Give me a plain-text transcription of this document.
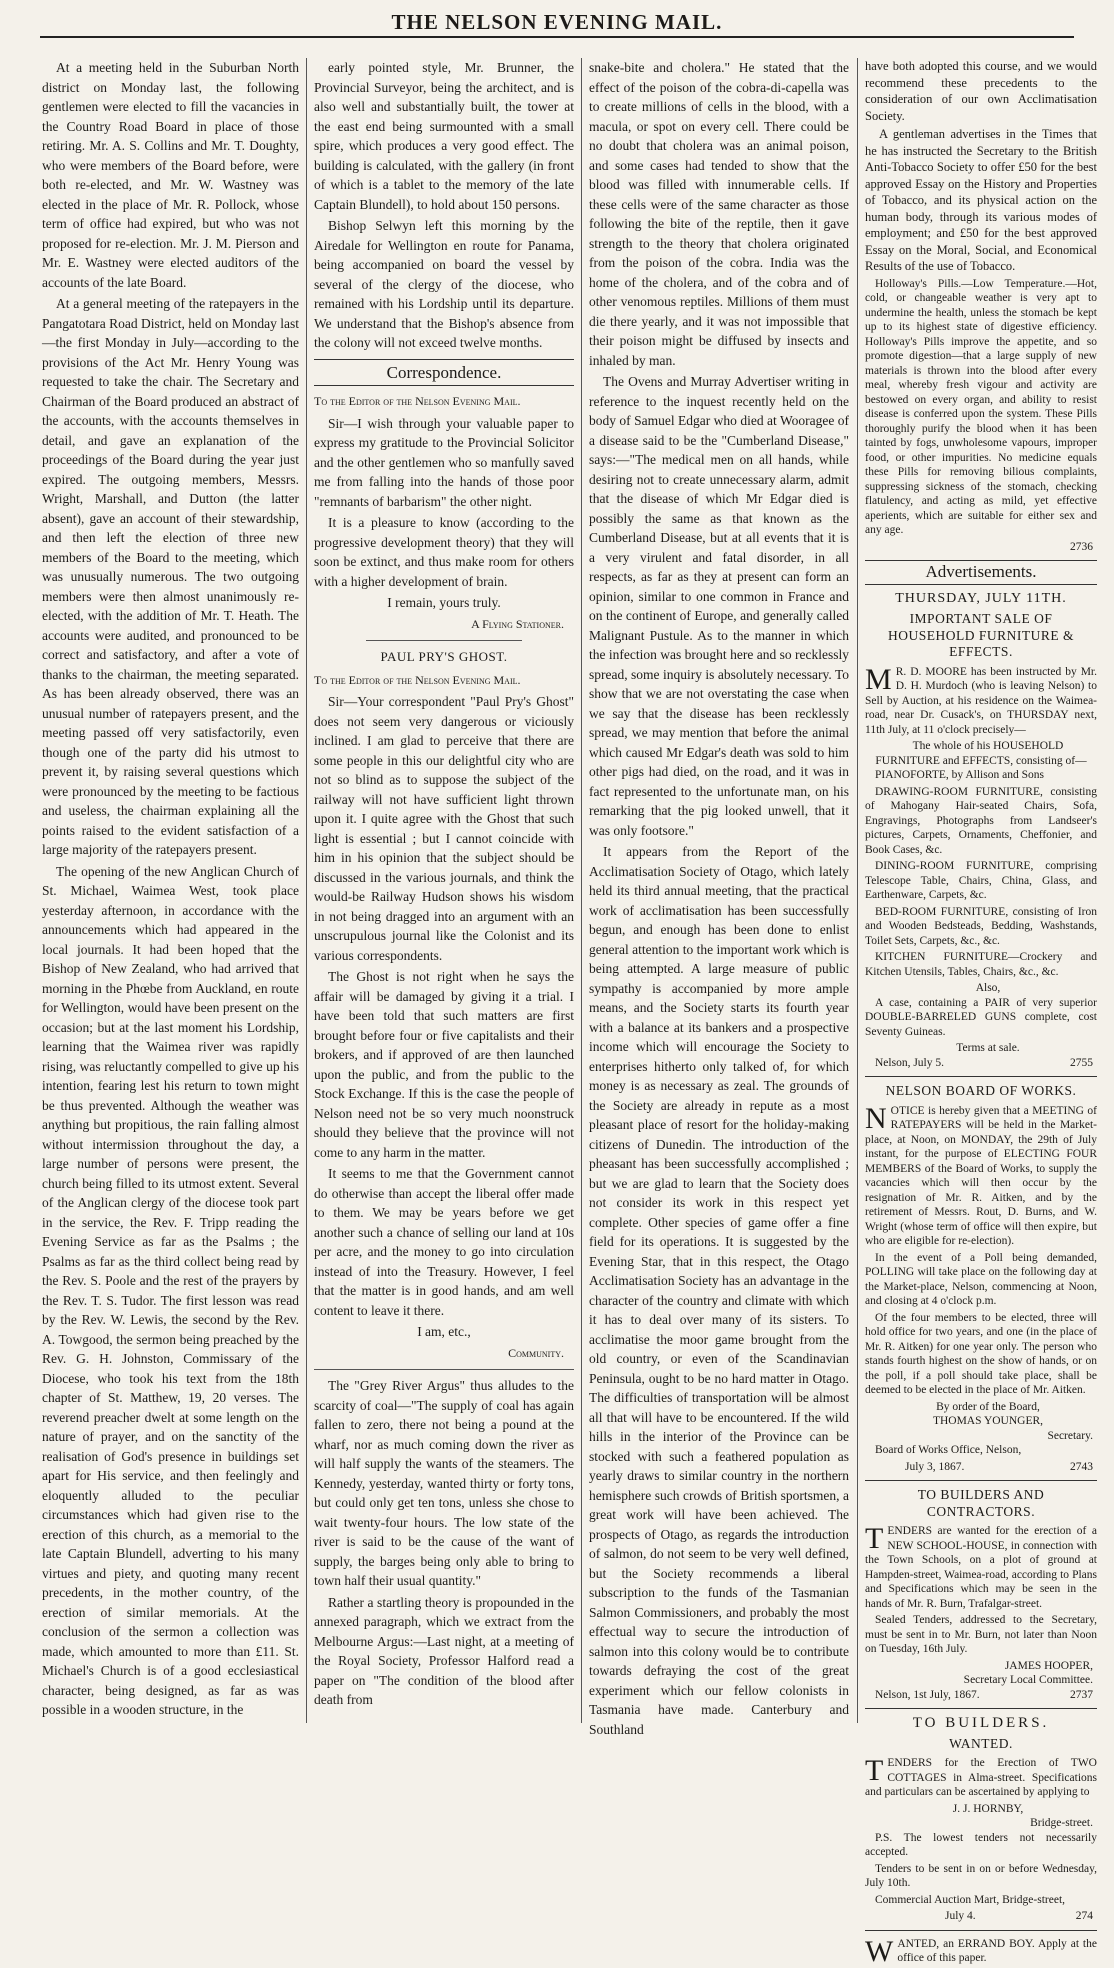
THE NELSON EVENING MAIL.

At a meeting held in the Suburban North district on Monday last, the following gentlemen were elected to fill the vacancies in the Country Road Board in place of those retiring. Mr. A. S. Collins and Mr. T. Doughty, who were members of the Board before, were both re-elected, and Mr. W. Wastney was elected in the place of Mr. R. Pollock, whose term of office had expired, but who was not proposed for re-election. Mr. J. M. Pierson and Mr. E. Wastney were elected auditors of the accounts of the late Board.

At a general meeting of the ratepayers in the Pangatotara Road District, held on Monday last—the first Monday in July—according to the provisions of the Act Mr. Henry Young was requested to take the chair. The Secretary and Chairman of the Board produced an abstract of the accounts, with the accounts themselves in detail, and gave an explanation of the proceedings of the Board during the year just expired. The outgoing members, Messrs. Wright, Marshall, and Dutton (the latter absent), gave an account of their stewardship, and then left the election of three new members of the Board to the meeting, which was unusually numerous. The two outgoing members were then almost unanimously re-elected, with the addition of Mr. T. Heath. The accounts were audited, and pronounced to be correct and satisfactory, and after a vote of thanks to the chairman, the meeting separated. As has been already observed, there was an unusual number of ratepayers present, and the meeting passed off very satisfactorily, even though one of the party did his utmost to prevent it, by raising several questions which were pronounced by the meeting to be factious and useless, the chairman explaining all the points raised to the evident satisfaction of a large majority of the ratepayers present.

The opening of the new Anglican Church of St. Michael, Waimea West, took place yesterday afternoon, in accordance with the announcements which had appeared in the local journals. It had been hoped that the Bishop of New Zealand, who had arrived that morning in the Phœbe from Auckland, en route for Wellington, would have been present on the occasion; but at the last moment his Lordship, learning that the Waimea river was rapidly rising, was reluctantly compelled to give up his intention, fearing lest his return to town might be thus prevented. Although the weather was anything but propitious, the rain falling almost without intermission throughout the day, a large number of persons were present, the church being filled to its utmost extent. Several of the Anglican clergy of the diocese took part in the service, the Rev. F. Tripp reading the Evening Service as far as the Psalms ; the Psalms as far as the third collect being read by the Rev. S. Poole and the rest of the prayers by the Rev. T. S. Tudor. The first lesson was read by the Rev. W. Lewis, the second by the Rev. A. Towgood, the sermon being preached by the Rev. G. H. Johnston, Commissary of the Diocese, who took his text from the 18th chapter of St. Matthew, 19, 20 verses. The reverend preacher dwelt at some length on the nature of prayer, and on the sanctity of the realisation of God's presence in buildings set apart for His service, and then feelingly and eloquently alluded to the peculiar circumstances which had given rise to the erection of this church, as a memorial to the late Captain Blundell, adverting to his many virtues and piety, and quoting many recent precedents, in the mother country, of the erection of similar memorials. At the conclusion of the sermon a collection was made, which amounted to more than £11. St. Michael's Church is of a good ecclesiastical character, being designed, as far as was possible in a wooden structure, in the

early pointed style, Mr. Brunner, the Provincial Surveyor, being the architect, and is also well and substantially built, the tower at the east end being surmounted with a small spire, which produces a very good effect. The building is calculated, with the gallery (in front of which is a tablet to the memory of the late Captain Blundell), to hold about 150 persons.

Bishop Selwyn left this morning by the Airedale for Wellington en route for Panama, being accompanied on board the vessel by several of the clergy of the diocese, who remained with his Lordship until its departure. We understand that the Bishop's absence from the colony will not exceed twelve months.

Correspondence.

To the Editor of the Nelson Evening Mail.

Sir—I wish through your valuable paper to express my gratitude to the Provincial Solicitor and the other gentlemen who so manfully saved me from falling into the hands of those poor "remnants of barbarism" the other night.

It is a pleasure to know (according to the progressive development theory) that they will soon be extinct, and thus make room for others with a higher development of brain.

I remain, yours truly.

A Flying Stationer.

PAUL PRY'S GHOST.

To the Editor of the Nelson Evening Mail.

Sir—Your correspondent "Paul Pry's Ghost" does not seem very dangerous or viciously inclined. I am glad to perceive that there are some people in this our delightful city who are not so blind as to suppose the subject of the railway will not have sufficient light thrown upon it. I quite agree with the Ghost that such light is essential ; but I cannot coincide with him in his opinion that the subject should be discussed in the various journals, and think the would-be Railway Hudson shows his wisdom in not being dragged into an argument with an unscrupulous journal like the Colonist and its various correspondents.

The Ghost is not right when he says the affair will be damaged by giving it a trial. I have been told that such matters are first brought before four or five capitalists and their brokers, and if approved of are then launched upon the public, and from the public to the Stock Exchange. If this is the case the people of Nelson need not be so very much noonstruck should they believe that the province will not come to any harm in the matter.

It seems to me that the Government cannot do otherwise than accept the liberal offer made to them. We may be years before we get another such a chance of selling our land at 10s per acre, and the money to go into circulation instead of into the Treasury. However, I feel that the matter is in good hands, and am well content to leave it there.

I am, etc.,

Community.

The "Grey River Argus" thus alludes to the scarcity of coal—"The supply of coal has again fallen to zero, there not being a pound at the wharf, nor as much coming down the river as will half supply the wants of the steamers. The Kennedy, yesterday, wanted thirty or forty tons, but could only get ten tons, unless she chose to wait twenty-four hours. The low state of the river is said to be the cause of the want of supply, the barges being only able to bring to town half their usual quantity."

Rather a startling theory is propounded in the annexed paragraph, which we extract from the Melbourne Argus:—Last night, at a meeting of the Royal Society, Professor Halford read a paper on "The condition of the blood after death from

snake-bite and cholera." He stated that the effect of the poison of the cobra-di-capella was to create millions of cells in the blood, with a macula, or spot on every cell. There could be no doubt that cholera was an animal poison, and some cases had tended to show that the blood was filled with innumerable cells. If these cells were of the same character as those following the bite of the reptile, then it gave strength to the theory that cholera originated from the poison of the cobra. India was the home of the cholera, and of the cobra and of other venomous reptiles. Millions of them must die there yearly, and it was not impossible that their poison might be diffused by insects and inhaled by man.

The Ovens and Murray Advertiser writing in reference to the inquest recently held on the body of Samuel Edgar who died at Woorageе of a disease said to be the "Cumberland Disease," says:—"The medical men on all hands, while desiring not to create unnecessary alarm, admit that the disease of which Mr Edgar died is possibly the same as that known as the Cumberland Disease, but at all events that it is a very virulent and fatal disorder, in all respects, as far as they at present can form an opinion, similar to one common in France and on the continent of Europe, and generally called Malignant Pustule. As to the manner in which the infection was brought here and so recklessly spread, some inquiry is absolutely necessary. To show that we are not overstating the case when we say that the disease has been recklessly spread, we may mention that before the animal which caused Mr Edgar's death was sold to him other pigs had died, on the road, and it was in fact represented to the unfortunate man, on his remarking that the pig looked unwell, that it was only footsore."

It appears from the Report of the Acclimatisation Society of Otago, which lately held its third annual meeting, that the practical work of acclimatisation has been successfully begun, and enough has been done to enlist general attention to the important work which is being attempted. A large measure of public sympathy is accompanied by more ample means, and the Society starts its fourth year with a balance at its bankers and a prospective income which will encourage the Society to enterprises hitherto only talked of, for which money is as necessary as zeal. The grounds of the Society are already in repute as a most pleasant place of resort for the holiday-making citizens of Dunedin. The introduction of the pheasant has been successfully accomplished ; but we are glad to learn that the Society does not consider its work in this respect yet complete. Other species of game offer a fine field for its operations. It is suggested by the Evening Star, that in this respect, the Otago Acclimatisation Society has an advantage in the character of the country and climate with which it has to deal over many of its sisters. To acclimatise the moor game brought from the old country, or even of the Scandinavian Peninsula, ought to be no hard matter in Otago. The difficulties of transportation will be almost all that will have to be encountered. If the wild hills in the interior of the Province can be stocked with such a feathered population as yearly draws to similar country in the northern hemisphere such crowds of British sportsmen, a great work will have been achieved. The prospects of Otago, as regards the introduction of salmon, do not seem to be very well defined, but the Society recommends a liberal subscription to the funds of the Tasmanian Salmon Commissioners, and probably the most effectual way to secure the introduction of salmon into this colony would be to contribute towards defraying the cost of the great experiment which our fellow colonists in Tasmania have made. Canterbury and Southland

have both adopted this course, and we would recommend these precedents to the consideration of our own Acclimatisation Society.

A gentleman advertises in the Times that he has instructed the Secretary to the British Anti-Tobacco Society to offer £50 for the best approved Essay on the History and Properties of Tobacco, and its physical action on the human body, through its various modes of employment; and £50 for the best approved Essay on the Moral, Social, and Economical Results of the use of Tobacco.

Holloway's Pills.—Low Temperature.—Hot, cold, or changeable weather is very apt to undermine the health, unless the stomach be kept up to its highest state of digestive efficiency. Holloway's Pills improve the appetite, and so promote digestion—that a large supply of new materials is thrown into the blood after every meal, whereby fresh vigour and activity are bestowed on every organ, and ability to resist disease is conferred upon the system. These Pills thoroughly purify the blood when it has been tainted by fogs, unwholesome vapours, improper food, or other impurities. No medicine equals these Pills for removing bilious complaints, suppressing sickness of the stomach, checking flatulency, and acting as mild, yet effective aperients, which are suitable for either sex and any age.

2736

Advertisements.
THURSDAY, JULY 11TH.
IMPORTANT SALE OF HOUSEHOLD FURNITURE & EFFECTS.

M R. D. MOORE has been instructed by Mr. D. H. Murdoch (who is leaving Nelson) to Sell by Auction, at his residence on the Waimea-road, near Dr. Cusack's, on THURSDAY next, 11th July, at 11 o'clock precisely—

The whole of his HOUSEHOLD FURNITURE and EFFECTS, consisting of—

PIANOFORTE, by Allison and Sons

DRAWING-ROOM FURNITURE, consisting of Mahogany Hair-seated Chairs, Sofa, Engravings, Photographs from Landseer's pictures, Carpets, Ornaments, Cheffonier, and Book Cases, &c.

DINING-ROOM FURNITURE, comprising Telescope Table, Chairs, China, Glass, and Earthenware, Carpets, &c.

BED-ROOM FURNITURE, consisting of Iron and Wooden Bedsteads, Bedding, Washstands, Toilet Sets, Carpets, &c., &c.

KITCHEN FURNITURE—Crockery and Kitchen Utensils, Tables, Chairs, &c., &c.

Also,

A case, containing a PAIR of very superior DOUBLE-BARRELED GUNS complete, cost Seventy Guineas.

Terms at sale.

Nelson, July 5.	2755

NELSON BOARD OF WORKS.

NOTICE is hereby given that a MEETING of RATEPAYERS will be held in the Market-place, at Noon, on MONDAY, the 29th of July instant, for the purpose of ELECTING FOUR MEMBERS of the Board of Works, to supply the vacancies which will then occur by the resignation of Mr. R. Aitken, and by the retirement of Messrs. Rout, D. Burns, and W. Wright (whose term of office will then expire, but who are eligible for re-election).

In the event of a Poll being demanded, POLLING will take place on the following day at the Market-place, Nelson, commencing at Noon, and closing at 4 o'clock p.m.

Of the four members to be elected, three will hold office for two years, and one (in the place of Mr. R. Aitken) for one year only. The person who stands fourth highest on the show of hands, or on the poll, if a poll should take place, shall be deemed to be elected in the place of Mr. Aitken.

By order of the Board,

THOMAS YOUNGER,

Secretary.

Board of Works Office, Nelson,

July 3, 1867.	2743

TO BUILDERS AND CONTRACTORS.

TENDERS are wanted for the erection of a NEW SCHOOL-HOUSE, in connection with the Town Schools, on a plot of ground at Hampden-street, Waimea-road, according to Plans and Specifications which may be seen in the hands of Mr. R. Burn, Trafalgar-street.

Sealed Tenders, addressed to the Secretary, must be sent in to Mr. Burn, not later than Noon on Tuesday, 16th July.

JAMES HOOPER,

Secretary Local Committee.

Nelson, 1st July, 1867.	2737

TO BUILDERS.
WANTED.

TENDERS for the Erection of TWO COTTAGES in Alma-street. Specifications and particulars can be ascertained by applying to

J. J. HORNBY,

Bridge-street.

P.S. The lowest tenders not necessarily accepted.

Tenders to be sent in on or before Wednesday, July 10th.

Commercial Auction Mart, Bridge-street,

July 4.	274

WANTED, an ERRAND BOY. Apply at the office of this paper.
